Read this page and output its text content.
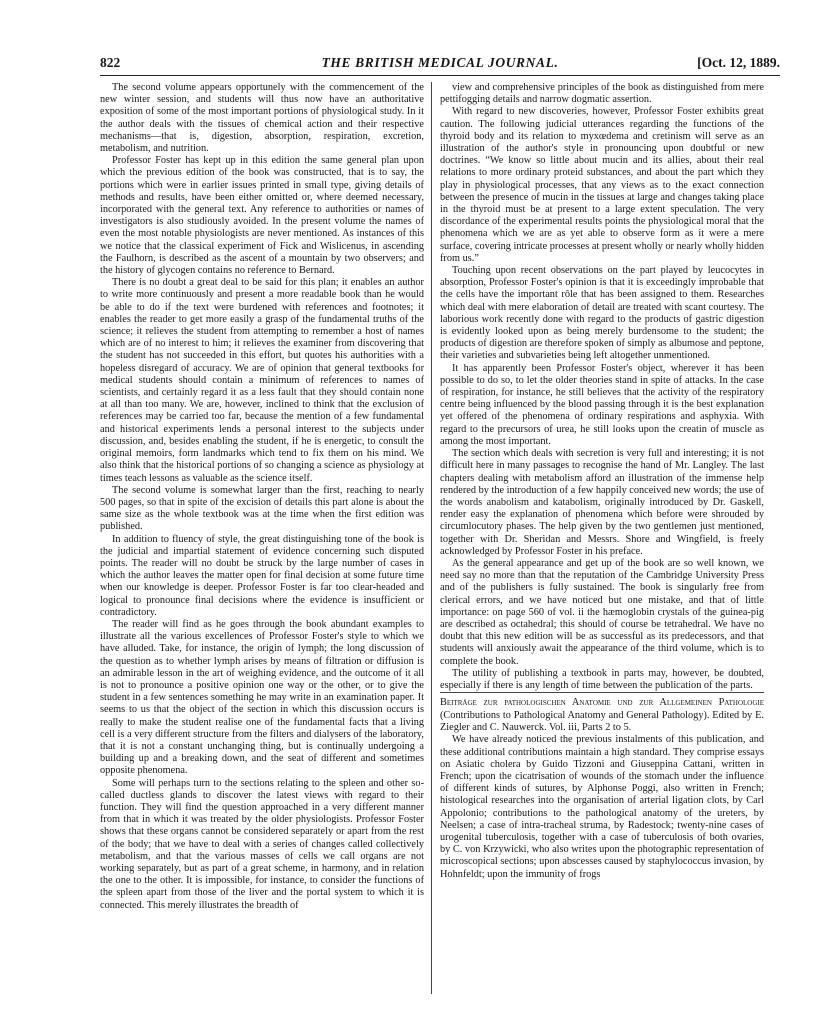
822	THE BRITISH MEDICAL JOURNAL.	[Oct. 12, 1889.

The second volume appears opportunely with the commencement of the new winter session, and students will thus now have an authoritative exposition of some of the most important portions of physiological study. In it the author deals with the tissues of chemical action and their respective mechanisms—that is, digestion, absorption, respiration, excretion, metabolism, and nutrition.

Professor Foster has kept up in this edition the same general plan upon which the previous edition of the book was constructed, that is to say, the portions which were in earlier issues printed in small type, giving details of methods and results, have been either omitted or, where deemed necessary, incorporated with the general text. Any reference to authorities or names of investigators is also studiously avoided. In the present volume the names of even the most notable physiologists are never mentioned. As instances of this we notice that the classical experiment of Fick and Wislicenus, in ascending the Faulhorn, is described as the ascent of a mountain by two observers; and the history of glycogen contains no reference to Bernard.

There is no doubt a great deal to be said for this plan; it enables an author to write more continuously and present a more readable book than he would be able to do if the text were burdened with references and footnotes; it enables the reader to get more easily a grasp of the fundamental truths of the science; it relieves the student from attempting to remember a host of names which are of no interest to him; it relieves the examiner from discovering that the student has not succeeded in this effort, but quotes his authorities with a hopeless disregard of accuracy. We are of opinion that general textbooks for medical students should contain a minimum of references to names of scientists, and certainly regard it as a less fault that they should contain none at all than too many. We are, however, inclined to think that the exclusion of references may be carried too far, because the mention of a few fundamental and historical experiments lends a personal interest to the subjects under discussion, and, besides enabling the student, if he is energetic, to consult the original memoirs, form landmarks which tend to fix them on his mind. We also think that the historical portions of so changing a science as physiology at times teach lessons as valuable as the science itself.

The second volume is somewhat larger than the first, reaching to nearly 500 pages, so that in spite of the excision of details this part alone is about the same size as the whole textbook was at the time when the first edition was published.

In addition to fluency of style, the great distinguishing tone of the book is the judicial and impartial statement of evidence concerning such disputed points. The reader will no doubt be struck by the large number of cases in which the author leaves the matter open for final decision at some future time when our knowledge is deeper. Professor Foster is far too clear-headed and logical to pronounce final decisions where the evidence is insufficient or contradictory.

The reader will find as he goes through the book abundant examples to illustrate all the various excellences of Professor Foster's style to which we have alluded. Take, for instance, the origin of lymph; the long discussion of the question as to whether lymph arises by means of filtration or diffusion is an admirable lesson in the art of weighing evidence, and the outcome of it all is not to pronounce a positive opinion one way or the other, or to give the student in a few sentences something he may write in an examination paper. It seems to us that the object of the section in which this discussion occurs is really to make the student realise one of the fundamental facts that a living cell is a very different structure from the filters and dialysers of the laboratory, that it is not a constant unchanging thing, but is continually undergoing a building up and a breaking down, and the seat of different and sometimes opposite phenomena.

Some will perhaps turn to the sections relating to the spleen and other so-called ductless glands to discover the latest views with regard to their function. They will find the question approached in a very different manner from that in which it was treated by the older physiologists. Professor Foster shows that these organs cannot be considered separately or apart from the rest of the body; that we have to deal with a series of changes called collectively metabolism, and that the various masses of cells we call organs are not working separately, but as part of a great scheme, in harmony, and in relation the one to the other. It is impossible, for instance, to consider the functions of the spleen apart from those of the liver and the portal system to which it is connected. This merely illustrates the breadth of

view and comprehensive principles of the book as distinguished from mere pettifogging details and narrow dogmatic assertion.

With regard to new discoveries, however, Professor Foster exhibits great caution. The following judicial utterances regarding the functions of the thyroid body and its relation to myxœdema and cretinism will serve as an illustration of the author's style in pronouncing upon doubtful or new doctrines. “We know so little about mucin and its allies, about their real relations to more ordinary proteid substances, and about the part which they play in physiological processes, that any views as to the exact connection between the presence of mucin in the tissues at large and changes taking place in the thyroid must be at present to a large extent speculation. The very discordance of the experimental results points the physiological moral that the phenomena which we are as yet able to observe form as it were a mere surface, covering intricate processes at present wholly or nearly wholly hidden from us.”

Touching upon recent observations on the part played by leucocytes in absorption, Professor Foster's opinion is that it is exceedingly improbable that the cells have the important rôle that has been assigned to them. Researches which deal with mere elaboration of detail are treated with scant courtesy. The laborious work recently done with regard to the products of gastric digestion is evidently looked upon as being merely burdensome to the student; the products of digestion are therefore spoken of simply as albumose and peptone, their varieties and subvarieties being left altogether unmentioned.

It has apparently been Professor Foster's object, wherever it has been possible to do so, to let the older theories stand in spite of attacks. In the case of respiration, for instance, he still believes that the activity of the respiratory centre being influenced by the blood passing through it is the best explanation yet offered of the phenomena of ordinary respirations and asphyxia. With regard to the precursors of urea, he still looks upon the creatin of muscle as among the most important.

The section which deals with secretion is very full and interesting; it is not difficult here in many passages to recognise the hand of Mr. Langley. The last chapters dealing with metabolism afford an illustration of the immense help rendered by the introduction of a few happily conceived new words; the use of the words anabolism and katabolism, originally introduced by Dr. Gaskell, render easy the explanation of phenomena which before were shrouded by circumlocutory phases. The help given by the two gentlemen just mentioned, together with Dr. Sheridan and Messrs. Shore and Wingfield, is freely acknowledged by Professor Foster in his preface.

As the general appearance and get up of the book are so well known, we need say no more than that the reputation of the Cambridge University Press and of the publishers is fully sustained. The book is singularly free from clerical errors, and we have noticed but one mistake, and that of little importance: on page 560 of vol. ii the hæmoglobin crystals of the guinea-pig are described as octahedral; this should of course be tetrahedral. We have no doubt that this new edition will be as successful as its predecessors, and that students will anxiously await the appearance of the third volume, which is to complete the book.

The utility of publishing a textbook in parts may, however, be doubted, especially if there is any length of time between the publication of the parts.

Beiträge zur pathologischen Anatomie und zur Allgemeinen Pathologie (Contributions to Pathological Anatomy and General Pathology). Edited by E. Ziegler and C. Nauwerck. Vol. iii, Parts 2 to 5.

We have already noticed the previous instalments of this publication, and these additional contributions maintain a high standard. They comprise essays on Asiatic cholera by Guido Tizzoni and Giuseppina Cattani, written in French; upon the cicatrisation of wounds of the stomach under the influence of different kinds of sutures, by Alphonse Poggi, also written in French; histological researches into the organisation of arterial ligation clots, by Carl Appolonio; contributions to the pathological anatomy of the ureters, by Neelsen; a case of intra-tracheal struma, by Radestock; twenty-nine cases of urogenital tuberculosis, together with a case of tuberculosis of both ovaries, by C. von Krzywicki, who also writes upon the photographic representation of microscopical sections; upon abscesses caused by staphylococcus invasion, by Hohnfeldt; upon the immunity of frogs
